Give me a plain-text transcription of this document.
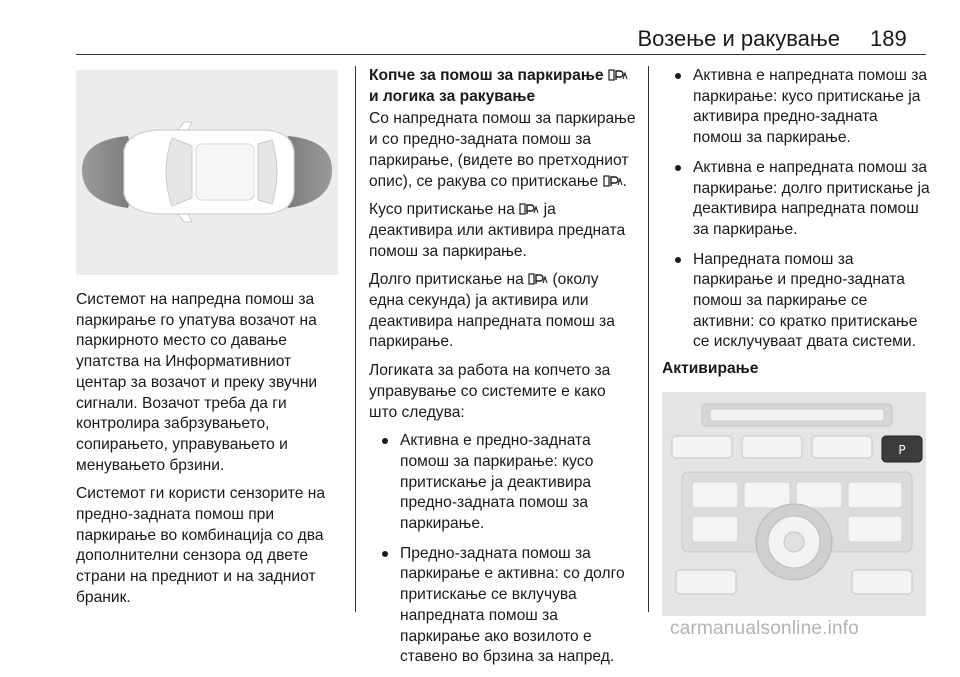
Возење и ракување 189

Системот на напредна помош за паркирање го упатува возачот на паркирното место со давање упатства на Информативниот центар за возачот и преку звучни сигнали. Возачот треба да ги контролира забрзувањето, сопирањето, управувањето и менувањето брзини.

Системот ги користи сензорите на предно-задната помош при паркирање во комбинација со два дополнителни сензора од двете страни на предниот и на задниот браник.

Копче за помош за паркирање
и логика за ракување

Со напредната помош за паркирање и со предно-задната помош за паркирање, (видете во претходниот опис), се ракува со притискање .

Кусо притискање на ја деактивира или активира предната помош за паркирање.

Долго притискање на (околу една секунда) ја активира или деактивира напредната помош за паркирање.

Логиката за работа на копчето за управување со системите е како што следува:

Активна е предно-задната помош за паркирање: кусо притискање ја деактивира предно-задната помош за паркирање.
Предно-задната помош за паркирање е активна: со долго притискање се вклучува напредната помош за паркирање ако возилото е ставено во брзина за напред.
Активна е напредната помош за паркирање: кусо притискање ја активира предно-задната помош за паркирање.
Активна е напредната помош за паркирање: долго притискање ја деактивира напредната помош за паркирање.
Напредната помош за паркирање и предно-задната помош за паркирање се активни: со кратко притискање се исклучуваат двата системи.
Активирање
P
carmanualsonline.info
